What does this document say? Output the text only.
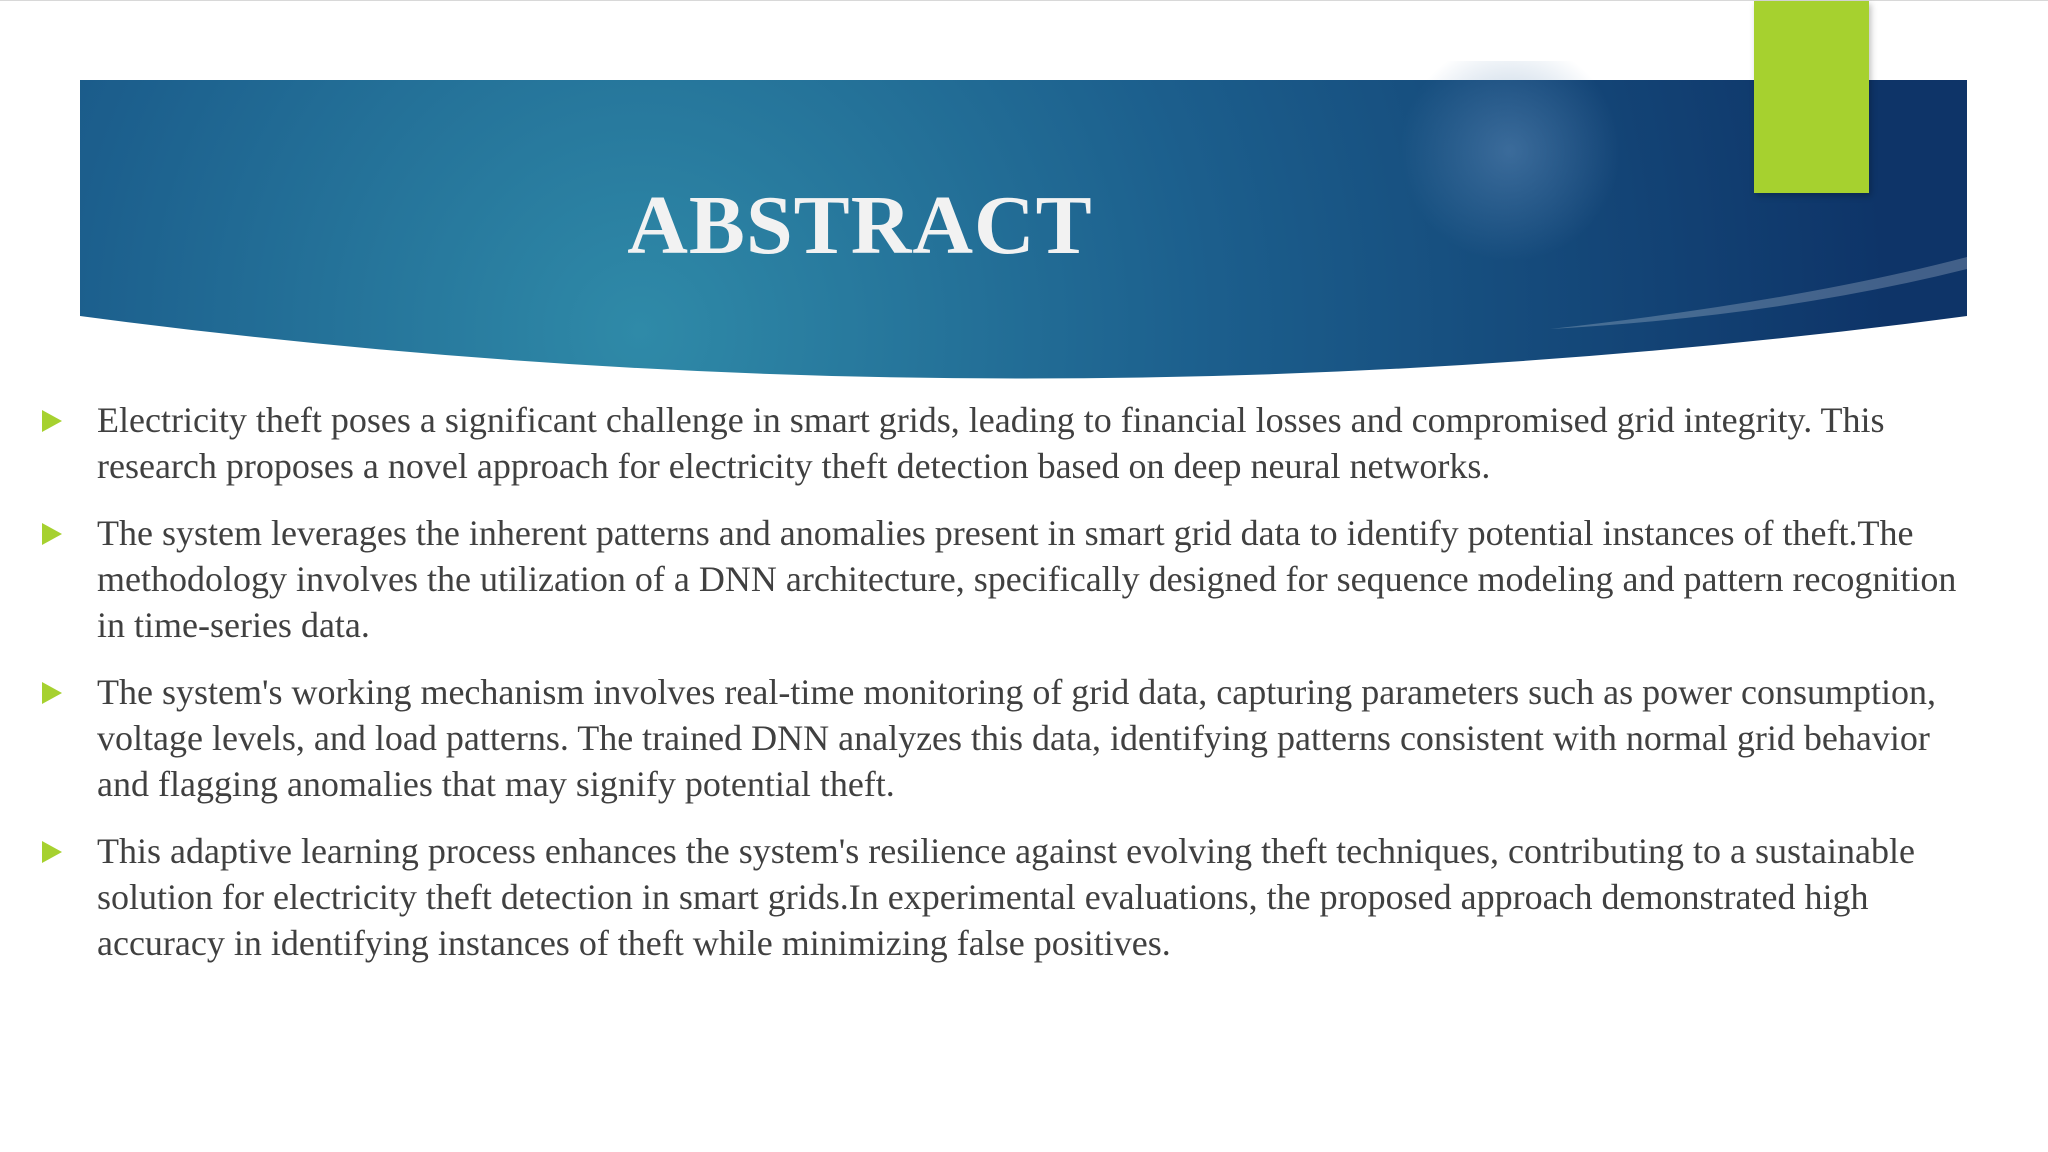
ABSTRACT
Electricity theft poses a significant challenge in smart grids, leading to financial losses and compromised grid integrity. This research proposes a novel approach for electricity theft detection based on deep neural networks.
The system leverages the inherent patterns and anomalies present in smart grid data to identify potential instances of theft.The methodology involves the utilization of a DNN architecture, specifically designed for sequence modeling and pattern recognition in time-series data.
The system's working mechanism involves real-time monitoring of grid data, capturing parameters such as power consumption, voltage levels, and load patterns. The trained DNN analyzes this data, identifying patterns consistent with normal grid behavior and flagging anomalies that may signify potential theft.
This adaptive learning process enhances the system's resilience against evolving theft techniques, contributing to a sustainable solution for electricity theft detection in smart grids.In experimental evaluations, the proposed approach demonstrated high accuracy in identifying instances of theft while minimizing false positives.
